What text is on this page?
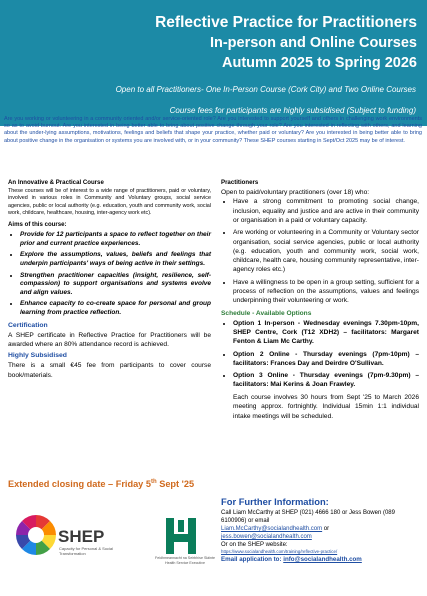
Reflective Practice for Practitioners
In-person and Online Courses
Autumn 2025 to Spring 2026
Open to all Practitioners- One In-Person Course (Cork City) and Two Online Courses
Course fees for participants are highly subsidised (Subject to funding)
Are you working or volunteering in a community oriented and/or service-oriented role? Are you interested to support yourself and others in challenging work environments so as to avoid burnout. Are you interested in being better able to bring about positive change through your role? Are you interested in reflecting with others, and learning about the under-lying assumptions, motivations, feelings and beliefs that shape your practice, whether paid or voluntary? Are you interested in being better able to bring about positive change in the organisation or systems you are involved with, or in your community? These SHEP courses starting in Sept/Oct 2025 may be of interest.
An Innovative & Practical Course

These courses will be of interest to a wide range of practitioners, paid or voluntary, involved in various roles in Community and Voluntary groups, social service agencies, public or local authority (e.g. education, youth and community work, social work, childcare, healthcare, housing, inter-agency work etc).

Aims of this course:
• Provide for 12 participants a space to reflect together on their prior and current practice experiences.
• Explore the assumptions, values, beliefs and feelings that underpin participants' ways of being active in their settings.
• Strengthen practitioner capacities (insight, resilience, self-compassion) to support organisations and systems evolve and align values.
• Enhance capacity to co-create space for personal and group learning from practice reflection.
Certification

A SHEP certificate in Reflective Practice for Practitioners will be awarded where an 80% attendance record is achieved.

Highly Subsidised

There is a small €45 fee from participants to cover course book/materials.

Extended closing date – Friday 5th Sept '25
Practitioners

Open to paid/voluntary practitioners (over 18) who:

• Have a strong commitment to promoting social change, inclusion, equality and justice and are active in their community or organisation in a paid or voluntary capacity.
• Are working or volunteering in a Community or Voluntary sector organisation, social service agencies, public or local authority (e.g. education, youth and community work, social work, childcare, health care, housing community representative, inter-agency roles etc.)
• Have a willingness to be open in a group setting, sufficient for a process of reflection on the assumptions, values and feelings underpinning their volunteering or work.
Schedule - Available Options
• Option 1 In-person - Wednesday evenings 7.30pm-10pm, SHEP Centre, Cork (T12 XDH2) – facilitators: Margaret Fenton & Liam Mc Carthy.
• Option 2 Online - Thursday evenings (7pm-10pm) – facilitators: Frances Day and Deirdre O'Sullivan.
• Option 3 Online - Thursday evenings (7pm-9.30pm) – facilitators: Mai Kerins & Joan Frawley.

Each course involves 30 hours from Sept '25 to March 2026 meeting approx. fortnightly. Individual 15min 1:1 individual intake meetings will be scheduled.

SHEP
Capacity for Personal & Social Transformation
Feidhmeannacht na Seirbhíse Sláinte Health Service Executive
For Further Information:

Call Liam McCarthy at SHEP (021) 4666 180 or Jess Bowen (089 6100906) or email

Liam.McCarthy@socialandhealth.com or

jess.bowen@socialandhealth.com

Or on the SHEP website:

https://www.socialandhealth.com/training/reflective-practice/

Email application to: info@socialandhealth.com
